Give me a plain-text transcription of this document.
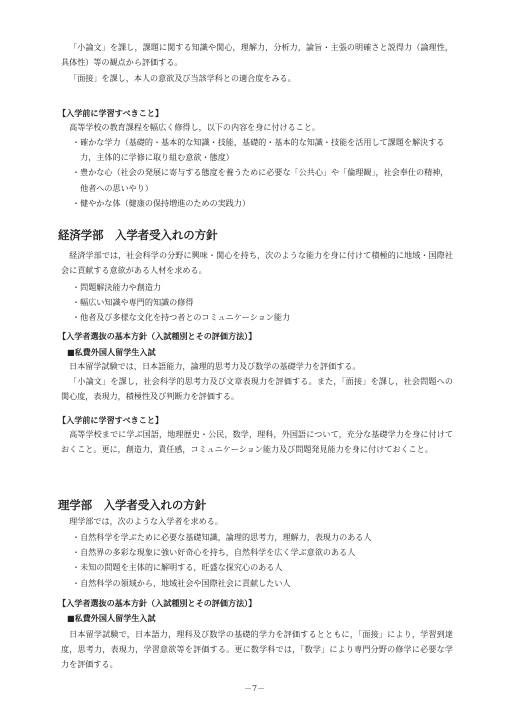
「小論文」を課し，課題に関する知識や関心，理解力，分析力，論旨・主張の明確さと説得力（論理性，具体性）等の観点から評価する。

「面接」を課し，本人の意欲及び当該学科との適合度をみる。

【入学前に学習すべきこと】

高等学校の教育課程を幅広く修得し，以下の内容を身に付けること。

・確かな学力（基礎的・基本的な知識・技能，基礎的・基本的な知識・技能を活用して課題を解決する力，主体的に学修に取り組む意欲・態度）
・豊かな心（社会の発展に寄与する態度を養うために必要な「公共心」や「倫理観」，社会奉仕の精神，他者への思いやり）
・健やかな体（健康の保持増進のための実践力）
経済学部　入学者受入れの方針

経済学部では，社会科学の分野に興味・関心を持ち，次のような能力を身に付けて積極的に地域・国際社会に貢献する意欲がある人材を求める。

・問題解決能力や創造力
・幅広い知識や専門的知識の修得
・他者及び多様な文化を持つ者とのコミュニケーション能力

【入学者選抜の基本方針（入試種別とその評価方法）】

■私費外国人留学生入試

日本留学試験では，日本語能力，論理的思考力及び数学の基礎学力を評価する。

「小論文」を課し，社会科学的思考力及び文章表現力を評価する。また，「面接」を課し，社会問題への関心度，表現力，積極性及び判断力を評価する。

【入学前に学習すべきこと】

高等学校までに学ぶ国語，地理歴史・公民，数学，理科，外国語について，充分な基礎学力を身に付けておくこと。更に，創造力，責任感，コミュニケーション能力及び問題発見能力を身に付けておくこと。

理学部　入学者受入れの方針

理学部では，次のような入学者を求める。

・自然科学を学ぶために必要な基礎知識，論理的思考力，理解力，表現力のある人
・自然界の多彩な現象に強い好奇心を持ち，自然科学を広く学ぶ意欲のある人
・未知の問題を主体的に解明する，旺盛な探究心のある人
・自然科学の領域から，地域社会や国際社会に貢献したい人

【入学者選抜の基本方針（入試種別とその評価方法）】

■私費外国人留学生入試

日本留学試験で，日本語力，理科及び数学の基礎的学力を評価するとともに，「面接」により，学習到達度，思考力，表現力，学習意欲等を評価する。更に数学科では，「数学」により専門分野の修学に必要な学力を評価する。

－7－
